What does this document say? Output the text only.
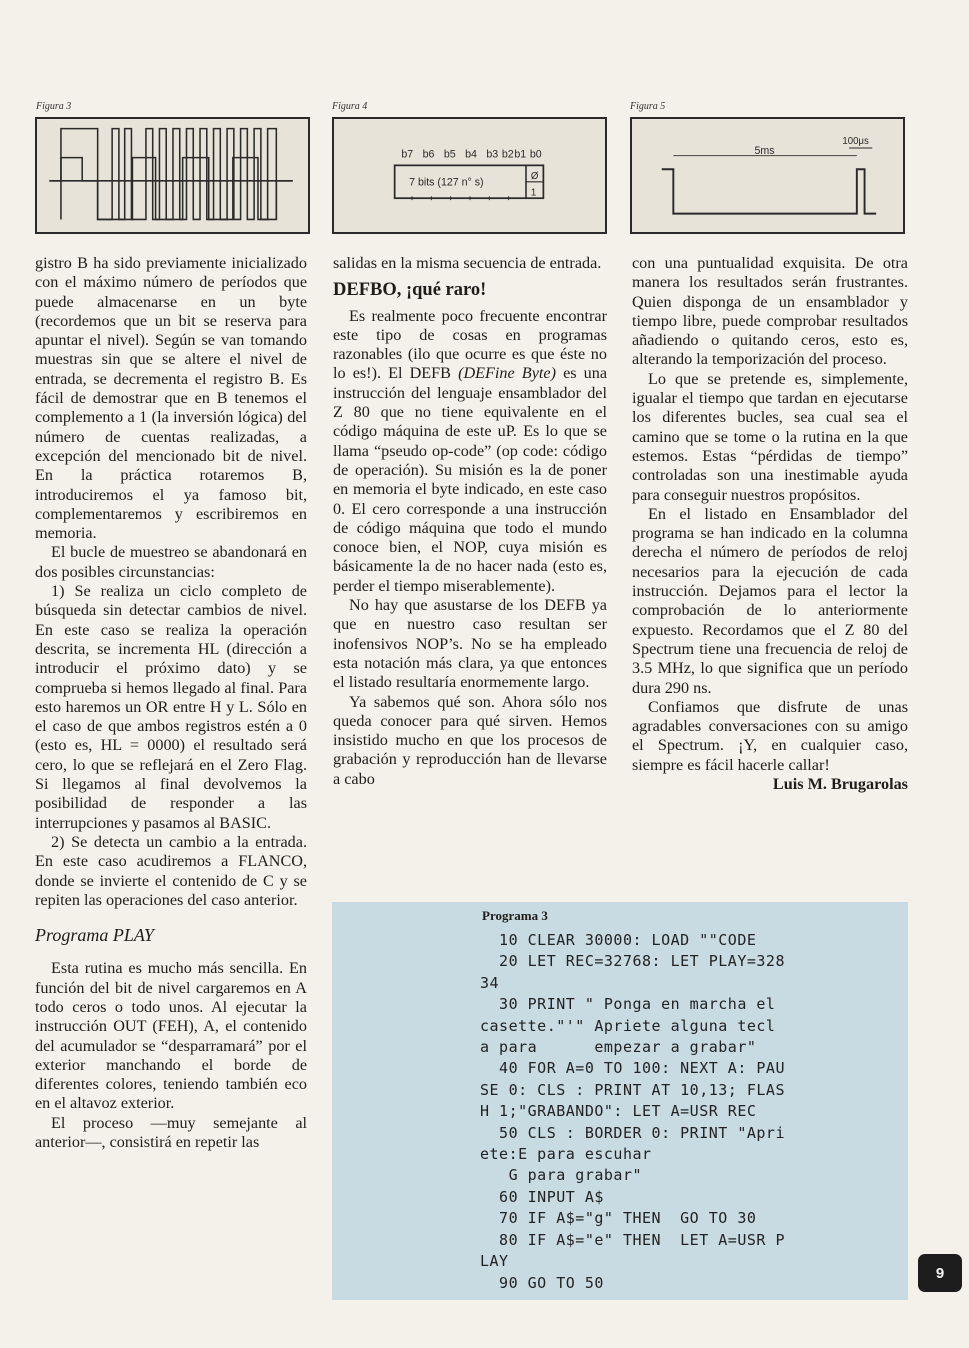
Figura 3	Figura 4	Figura 5
b7 b6 b5 b4 b3 b2 b1 b0
7 bits (127 n° s)
Ø
1
5ms
100μs

gistro B ha sido previamente inicializado con el máximo número de períodos que puede almacenarse en un byte (recordemos que un bit se reserva para apuntar el nivel). Según se van tomando muestras sin que se altere el nivel de entrada, se decrementa el registro B. Es fácil de demostrar que en B tenemos el complemento a 1 (la inversión lógica) del número de cuentas realizadas, a excepción del mencionado bit de nivel. En la práctica rotaremos B, introduciremos el ya famoso bit, complementaremos y escribiremos en memoria.

El bucle de muestreo se abandonará en dos posibles circunstancias:

1) Se realiza un ciclo completo de búsqueda sin detectar cambios de nivel. En este caso se realiza la operación descrita, se incrementa HL (dirección a introducir el próximo dato) y se comprueba si hemos llegado al final. Para esto haremos un OR entre H y L. Sólo en el caso de que ambos registros estén a 0 (esto es, HL = 0000) el resultado será cero, lo que se reflejará en el Zero Flag. Si llegamos al final devolvemos la posibilidad de responder a las interrupciones y pasamos al BASIC.

2) Se detecta un cambio a la entrada. En este caso acudiremos a FLANCO, donde se invierte el contenido de C y se repiten las operaciones del caso anterior.

Programa PLAY

Esta rutina es mucho más sencilla. En función del bit de nivel cargaremos en A todo ceros o todo unos. Al ejecutar la instrucción OUT (FEH), A, el contenido del acumulador se “desparramará” por el exterior manchando el borde de diferentes colores, teniendo también eco en el altavoz exterior.

El proceso —muy semejante al anterior—, consistirá en repetir las

salidas en la misma secuencia de entrada.

DEFBO, ¡qué raro!

Es realmente poco frecuente encontrar este tipo de cosas en programas razonables (ilo que ocurre es que éste no lo es!). El DEFB (DEFine Byte) es una instrucción del lenguaje ensamblador del Z 80 que no tiene equivalente en el código máquina de este uP. Es lo que se llama “pseudo op-code” (op code: código de operación). Su misión es la de poner en memoria el byte indicado, en este caso 0. El cero corresponde a una instrucción de código máquina que todo el mundo conoce bien, el NOP, cuya misión es básicamente la de no hacer nada (esto es, perder el tiempo miserablemente).

No hay que asustarse de los DEFB ya que en nuestro caso resultan ser inofensivos NOP’s. No se ha empleado esta notación más clara, ya que entonces el listado resultaría enormemente largo.

Ya sabemos qué son. Ahora sólo nos queda conocer para qué sirven. Hemos insistido mucho en que los procesos de grabación y reproducción han de llevarse a cabo

con una puntualidad exquisita. De otra manera los resultados serán frustrantes. Quien disponga de un ensamblador y tiempo libre, puede comprobar resultados añadiendo o quitando ceros, esto es, alterando la temporización del proceso.

Lo que se pretende es, simplemente, igualar el tiempo que tardan en ejecutarse los diferentes bucles, sea cual sea el camino que se tome o la rutina en la que estemos. Estas “pérdidas de tiempo” controladas son una inestimable ayuda para conseguir nuestros propósitos.

En el listado en Ensamblador del programa se han indicado en la columna derecha el número de períodos de reloj necesarios para la ejecución de cada instrucción. Dejamos para el lector la comprobación de lo anteriormente expuesto. Recordamos que el Z 80 del Spectrum tiene una frecuencia de reloj de 3.5 MHz, lo que significa que un período dura 290 ns.

Confiamos que disfrute de unas agradables conversaciones con su amigo el Spectrum. ¡Y, en cualquier caso, siempre es fácil hacerle callar!

Luis M. Brugarolas

Programa 3
10 CLEAR 30000: LOAD ""CODE
20 LET REC=32768: LET PLAY=328
34
30 PRINT " Ponga en marcha el
casette."'" Apriete alguna tecl
a para      empezar a grabar"
40 FOR A=0 TO 100: NEXT A: PAU
SE 0: CLS : PRINT AT 10,13; FLAS
H 1;"GRABANDO": LET A=USR REC
50 CLS : BORDER 0: PRINT "Apri
ete:E para escuhar
G para grabar"
60 INPUT A$
70 IF A$="g" THEN  GO TO 30
80 IF A$="e" THEN  LET A=USR P
LAY
90 GO TO 50
9
